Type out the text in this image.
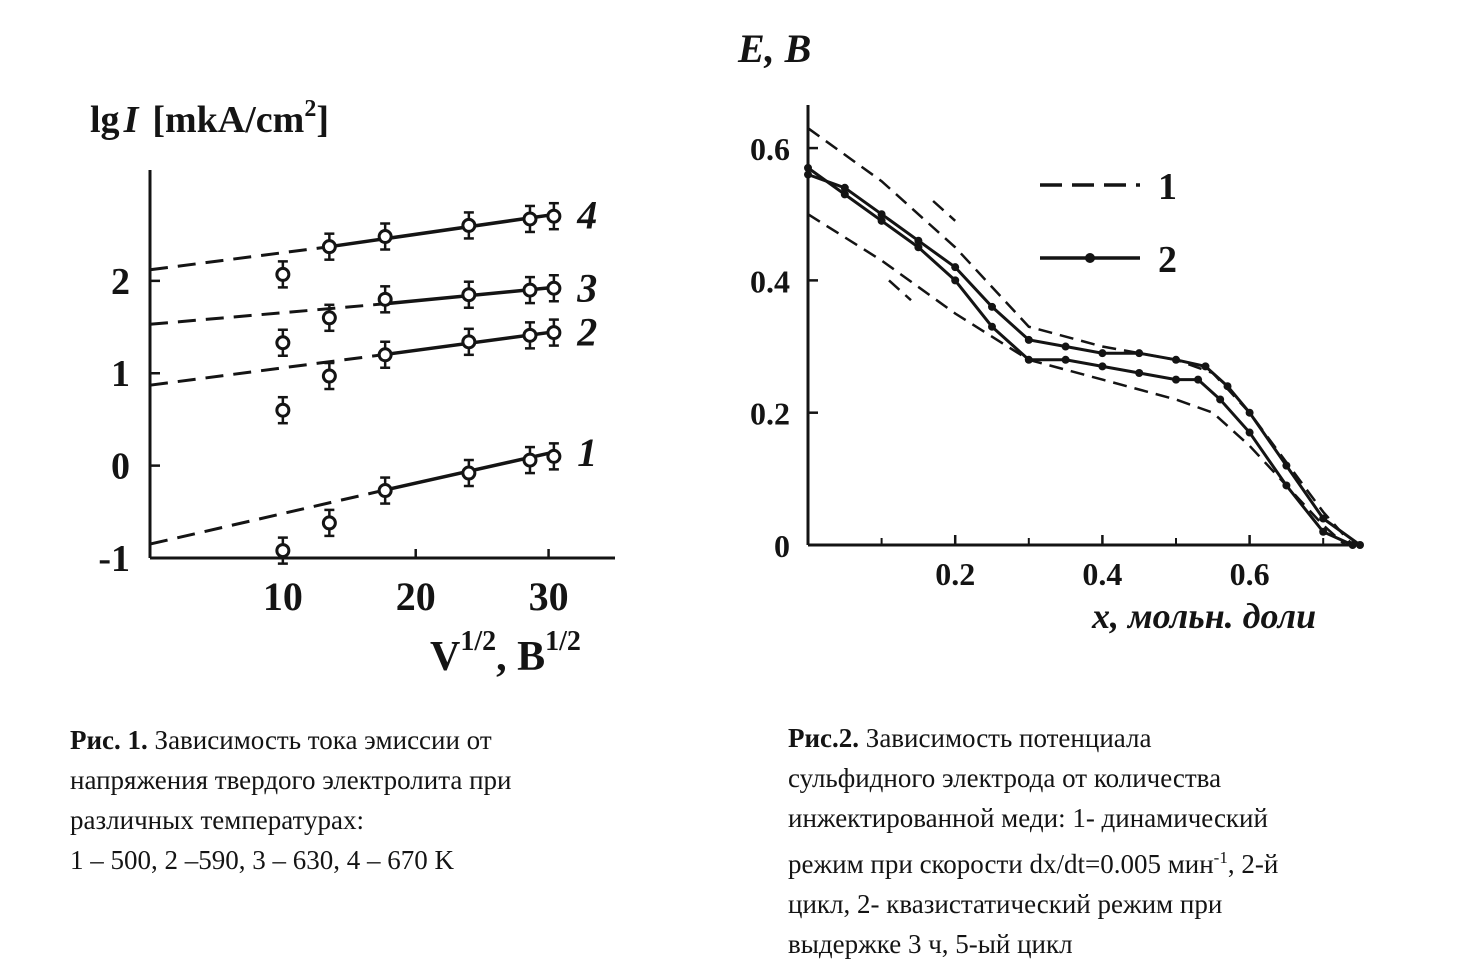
lg I $[mkA/cm^2]$
$V^{1/2}$, $B^{1/2}$
10 20 30
-1
0
1
2
1
2
3
4
E, B
x, мольн. доли
0.2	0.4	0.6
0
0.2
0.4
0.6
1
2
Рис. 1. Зависимость тока эмиссии от
напряжения твердого электролита при
различных температурах:
1 – 500, 2 –590, 3 – 630, 4 – 670 K
Рис.2. Зависимость потенциала
сульфидного электрода от количества
инжектированной меди: 1- динамический
режим при скорости dx/dt=0.005 мин$^{-1}$, 2-й
цикл, 2- квазистатический режим при
выдержке 3 ч, 5-ый цикл
